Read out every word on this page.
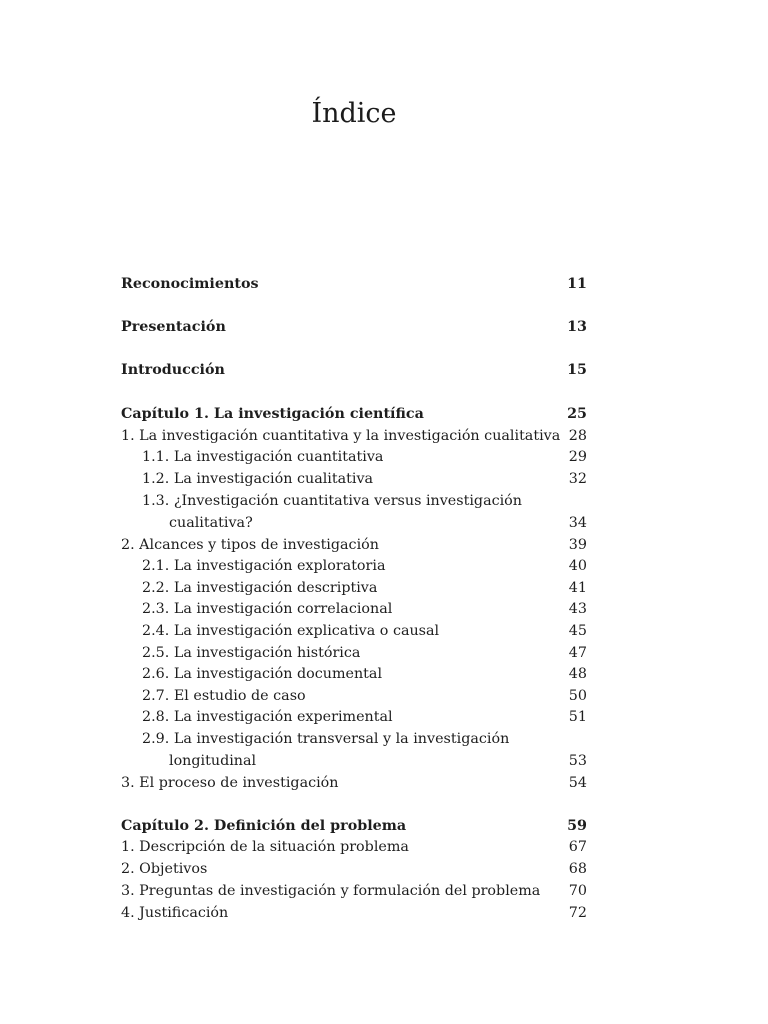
Índice
Reconocimientos	11
Presentación	13
Introducción	15
Capítulo 1. La investigación científica	25
1. La investigación cuantitativa y la investigación cualitativa 28
1.1. La investigación cuantitativa	29
1.2. La investigación cualitativa	32
1.3. ¿Investigación cuantitativa versus investigación
cualitativa?	34
2. Alcances y tipos de investigación	39
2.1. La investigación exploratoria	40
2.2. La investigación descriptiva	41
2.3. La investigación correlacional	43
2.4. La investigación explicativa o causal	45
2.5. La investigación histórica	47
2.6. La investigación documental	48
2.7. El estudio de caso	50
2.8. La investigación experimental	51
2.9. La investigación transversal y la investigación
longitudinal	53
3. El proceso de investigación	54
Capítulo 2. Definición del problema	59
1. Descripción de la situación problema	67
2. Objetivos	68
3. Preguntas de investigación y formulación del problema 70
4. Justificación	72
